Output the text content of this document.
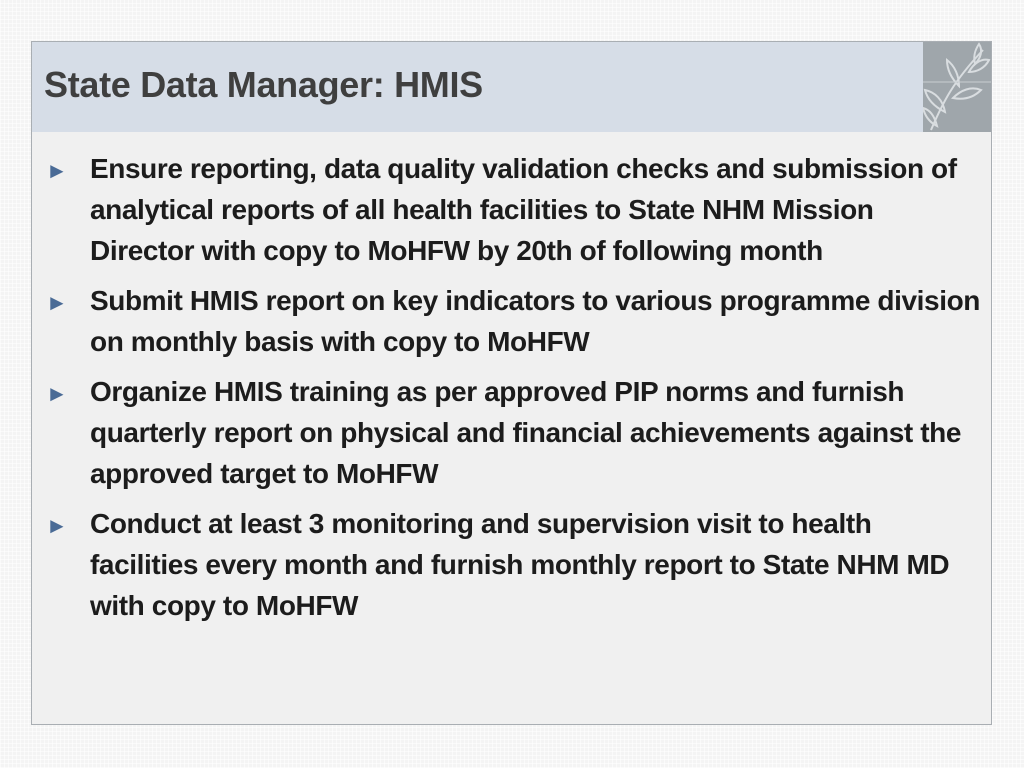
State Data Manager: HMIS
► Ensure reporting, data quality validation checks and submission of analytical reports of all health facilities to State NHM Mission Director with copy to MoHFW by 20th of following month
► Submit HMIS report on key indicators to various programme division on monthly basis with copy to MoHFW
► Organize HMIS training as per approved PIP norms and furnish quarterly report on physical and financial achievements against the approved target to MoHFW
► Conduct at least 3 monitoring and supervision visit to health facilities every month and furnish monthly report to State NHM MD with copy to MoHFW
